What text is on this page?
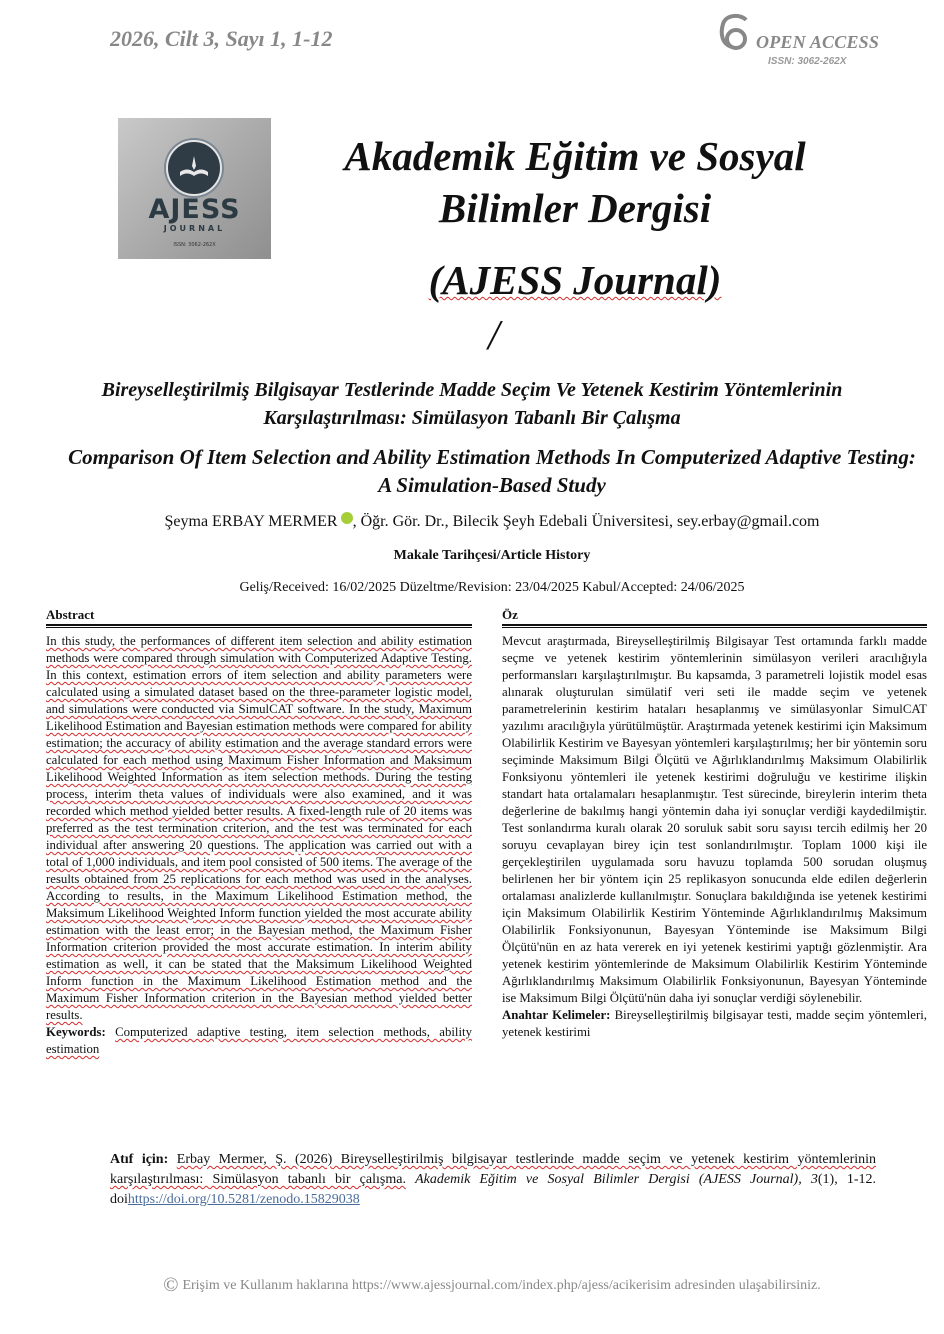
2026, Cilt 3, Sayı 1, 1-12	OPEN ACCESS
ISSN: 3062-262X
AJESS
JOURNAL
ISSN: 3062-262X
Akademik Eğitim ve Sosyal
Bilimler Dergisi
(AJESS Journal)
/
Bireyselleştirilmiş Bilgisayar Testlerinde Madde Seçim Ve Yetenek Kestirim Yöntemlerinin Karşılaştırılması: Simülasyon Tabanlı Bir Çalışma
Comparison Of Item Selection and Ability Estimation Methods In Computerized Adaptive Testing: A Simulation-Based Study
Şeyma ERBAY MERMER , Öğr. Gör. Dr., Bilecik Şeyh Edebali Üniversitesi, sey.erbay@gmail.com
Makale Tarihçesi/Article History
Geliş/Received: 16/02/2025 Düzeltme/Revision: 23/04/2025 Kabul/Accepted: 24/06/2025
Abstract	Öz
In this study, the performances of different item selection and ability estimation methods were compared through simulation with Computerized Adaptive Testing. In this context, estimation errors of item selection and ability parameters were calculated using a simulated dataset based on the three-parameter logistic model, and simulations were conducted via SimulCAT software. In the study, Maximum Likelihood Estimation and Bayesian estimation methods were compared for ability estimation; the accuracy of ability estimation and the average standard errors were calculated for each method using Maximum Fisher Information and Maksimum Likelihood Weighted Information as item selection methods. During the testing process, interim theta values of individuals were also examined, and it was recorded which method yielded better results. A fixed-length rule of 20 items was preferred as the test termination criterion, and the test was terminated for each individual after answering 20 questions. The application was carried out with a total of 1,000 individuals, and item pool consisted of 500 items. The average of the results obtained from 25 replications for each method was used in the analyses. According to results, in the Maximum Likelihood Estimation method, the Maksimum Likelihood Weighted Inform function yielded the most accurate ability estimation with the least error; in the Bayesian method, the Maximum Fisher Information criterion provided the most accurate estimation. In interim ability estimation as well, it can be stated that the Maksimum Likelihood Weighted Inform function in the Maximum Likelihood Estimation method and the Maximum Fisher Information criterion in the Bayesian method yielded better results.
Keywords: Computerized adaptive testing, item selection methods, ability estimation
Mevcut araştırmada, Bireyselleştirilmiş Bilgisayar Test ortamında farklı madde seçme ve yetenek kestirim yöntemlerinin simülasyon verileri aracılığıyla performansları karşılaştırılmıştır. Bu kapsamda, 3 parametreli lojistik model esas alınarak oluşturulan simülatif veri seti ile madde seçim ve yetenek parametrelerinin kestirim hataları hesaplanmış ve simülasyonlar SimulCAT yazılımı aracılığıyla yürütülmüştür. Araştırmada yetenek kestirimi için Maksimum Olabilirlik Kestirim ve Bayesyan yöntemleri karşılaştırılmış; her bir yöntemin soru seçiminde Maksimum Bilgi Ölçütü ve Ağırlıklandırılmış Maksimum Olabilirlik Fonksiyonu yöntemleri ile yetenek kestirimi doğruluğu ve kestirime ilişkin standart hata ortalamaları hesaplanmıştır. Test sürecinde, bireylerin interim theta değerlerine de bakılmış hangi yöntemin daha iyi sonuçlar verdiği kaydedilmiştir. Test sonlandırma kuralı olarak 20 soruluk sabit soru sayısı tercih edilmiş her 20 soruyu cevaplayan birey için test sonlandırılmıştır. Toplam 1000 kişi ile gerçekleştirilen uygulamada soru havuzu toplamda 500 sorudan oluşmuş belirlenen her bir yöntem için 25 replikasyon sonucunda elde edilen değerlerin ortalaması analizlerde kullanılmıştır. Sonuçlara bakıldığında ise yetenek kestirimi için Maksimum Olabilirlik Kestirim Yönteminde Ağırlıklandırılmış Maksimum Olabilirlik Fonksiyonunun, Bayesyan Yönteminde ise Maksimum Bilgi Ölçütü'nün en az hata vererek en iyi yetenek kestirimi yaptığı gözlenmiştir. Ara yetenek kestirim yöntemlerinde de Maksimum Olabilirlik Kestirim Yönteminde Ağırlıklandırılmış Maksimum Olabilirlik Fonksiyonunun, Bayesyan Yönteminde ise Maksimum Bilgi Ölçütü'nün daha iyi sonuçlar verdiği söylenebilir.
Anahtar Kelimeler: Bireyselleştirilmiş bilgisayar testi, madde seçim yöntemleri, yetenek kestirimi
Atıf için: Erbay Mermer, Ş. (2026) Bireyselleştirilmiş bilgisayar testlerinde madde seçim ve yetenek kestirim yöntemlerinin karşılaştırılması: Simülasyon tabanlı bir çalışma. Akademik Eğitim ve Sosyal Bilimler Dergisi (AJESS Journal), 3(1), 1-12. doihttps://doi.org/10.5281/zenodo.15829038
© Erişim ve Kullanım haklarına https://www.ajessjournal.com/index.php/ajess/acikerisim adresinden ulaşabilirsiniz.
